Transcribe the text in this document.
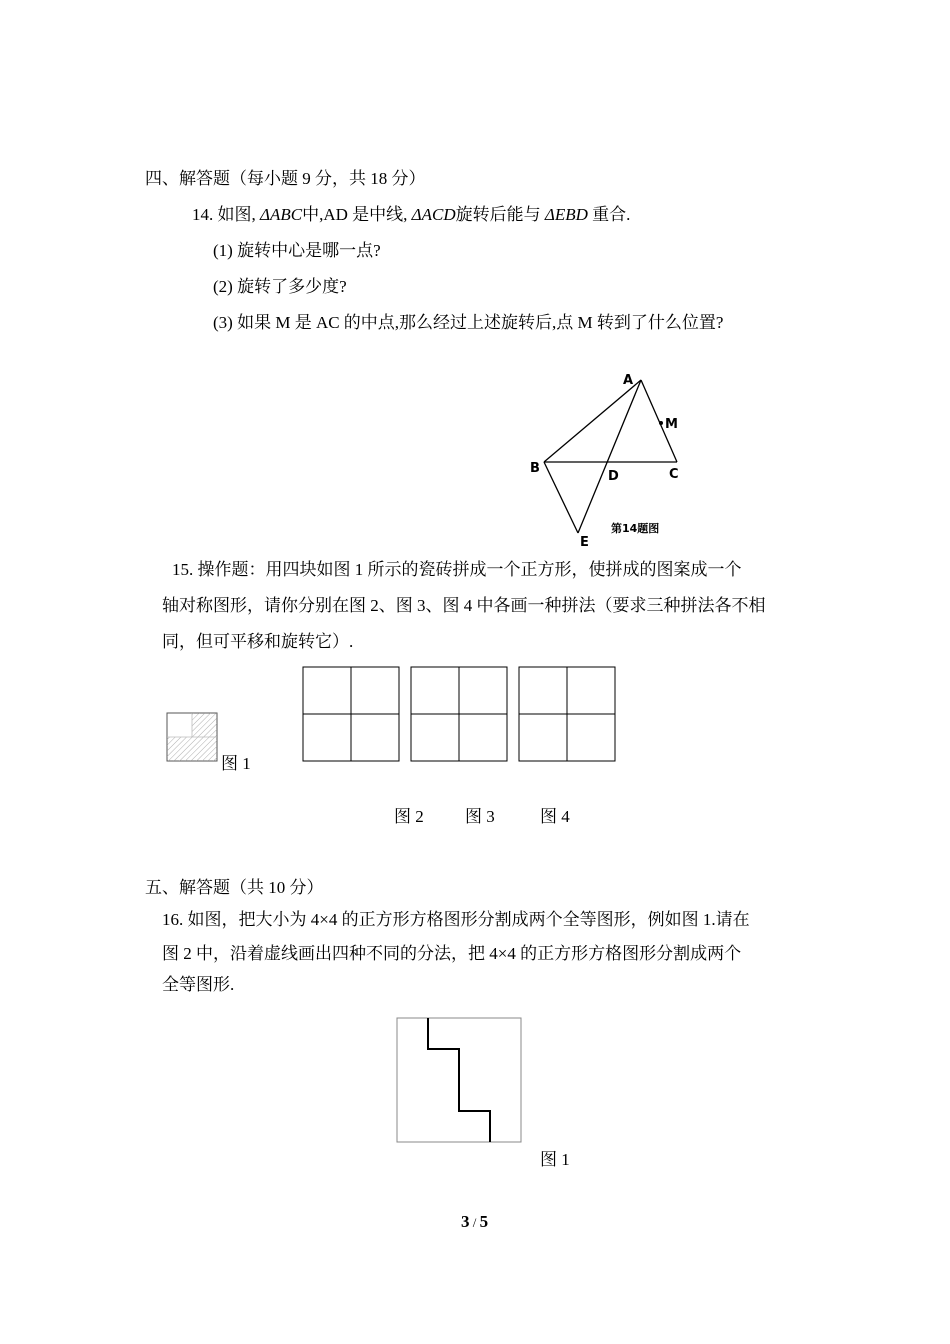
四、解答题（每小题 9 分，共 18 分）
14. 如图, ΔABC中,AD 是中线, ΔACD旋转后能与 ΔEBD 重合.
(1) 旋转中心是哪一点?
(2) 旋转了多少度?
(3) 如果 M 是 AC 的中点,那么经过上述旋转后,点 M 转到了什么位置?
A
M
B
D	C
E
第14题图
15. 操作题：用四块如图 1 所示的瓷砖拼成一个正方形，使拼成的图案成一个
轴对称图形，请你分别在图 2、图 3、图 4 中各画一种拼法（要求三种拼法各不相
同，但可平移和旋转它）.
图 1
图 2 图 3	图 4
五、解答题（共 10 分）
16. 如图，把大小为 4×4 的正方形方格图形分割成两个全等图形，例如图 1.请在
图 2 中，沿着虚线画出四种不同的分法，把 4×4 的正方形方格图形分割成两个
全等图形.
图 1
3 / 5
